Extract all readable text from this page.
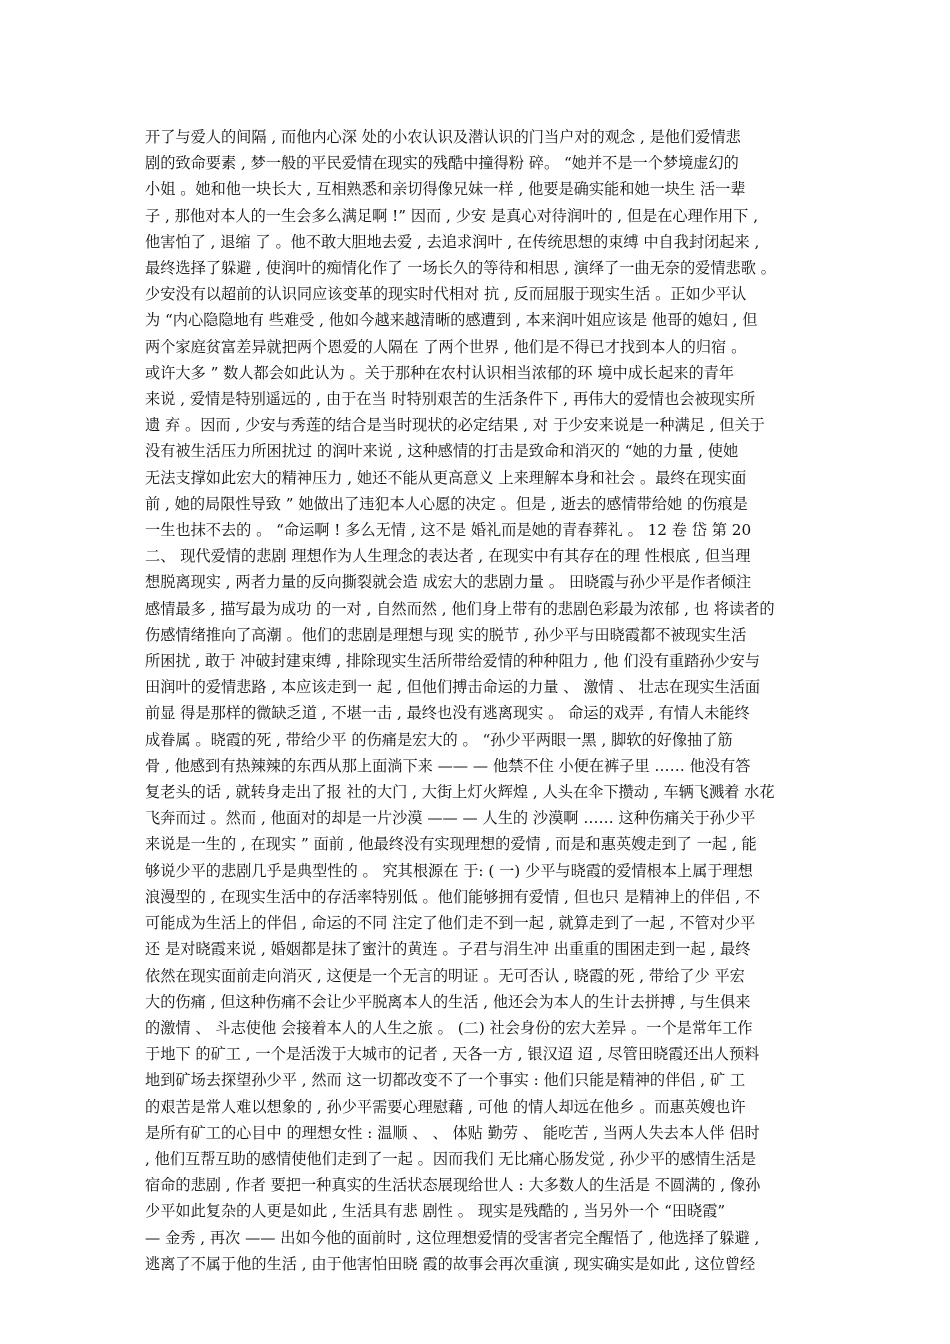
开了与爱人的间隔 , 而他内心深 处的小农认识及潜认识的门当户对的观念 , 是他们爱情悲
剧的致命要素 , 梦一般的平民爱情在现实的残酷中撞得粉 碎。 “她并不是一个梦境虚幻的
小姐 。她和他一块长大 , 互相熟悉和亲切得像兄妹一样 , 他要是确实能和她一块生 活一辈
子 , 那他对本人的一生会多么满足啊 !” 因而 , 少安 是真心对待润叶的 , 但是在心理作用下 ,
他害怕了 , 退缩 了 。他不敢大胆地去爱 , 去追求润叶 , 在传统思想的束缚 中自我封闭起来 ,
最终选择了躲避 , 使润叶的痴情化作了 一场长久的等待和相思 , 演绎了一曲无奈的爱情悲歌 。
少安没有以超前的认识同应该变革的现实时代相对 抗 , 反而屈服于现实生活 。正如少平认
为 “内心隐隐地有 些难受 , 他如今越来越清晰的感遭到 , 本来润叶姐应该是 他哥的媳妇 , 但
两个家庭贫富差异就把两个恩爱的人隔在 了两个世界 , 他们是不得已才找到本人的归宿 。
或许大多 ” 数人都会如此认为 。关于那种在农村认识相当浓郁的环 境中成长起来的青年
来说 , 爱情是特别遥远的 , 由于在当 时特别艰苦的生活条件下 , 再伟大的爱情也会被现实所
遗 弃 。因而 , 少安与秀莲的结合是当时现状的必定结果 , 对 于少安来说是一种满足 , 但关于
没有被生活压力所困扰过 的润叶来说 , 这种感情的打击是致命和消灭的 “她的力量 , 使她
无法支撑如此宏大的精神压力 , 她还不能从更高意义 上来理解本身和社会 。最终在现实面
前 , 她的局限性导致 ” 她做出了违犯本人心愿的决定 。但是 , 逝去的感情带给她 的伤痕是
一生也抹不去的 。 “命运啊 ! 多么无情 , 这不是 婚礼而是她的青春葬礼 。 12 卷 岱 第 20
二、 现代爱情的悲剧 理想作为人生理念的表达者 , 在现实中有其存在的理 性根底 , 但当理
想脱离现实 , 两者力量的反向撕裂就会造 成宏大的悲剧力量 。 田晓霞与孙少平是作者倾注
感情最多 , 描写最为成功 的一对 , 自然而然 , 他们身上带有的悲剧色彩最为浓郁 , 也 将读者的
伤感情绪推向了高潮 。他们的悲剧是理想与现 实的脱节 , 孙少平与田晓霞都不被现实生活
所困扰 , 敢于 冲破封建束缚 , 排除现实生活所带给爱情的种种阻力 , 他 们没有重踏孙少安与
田润叶的爱情悲路 , 本应该走到一 起 , 但他们搏击命运的力量 、 激情 、 壮志在现实生活面
前显 得是那样的微缺乏道 , 不堪一击 , 最终也没有逃离现实 。 命运的戏弄 , 有情人未能终
成眷属 。晓霞的死 , 带给少平 的伤痛是宏大的 。 “孙少平两眼一黑 , 脚软的好像抽了筋
骨 , 他感到有热辣辣的东西从那上面淌下来 —— — 他禁不住 小便在裤子里 …… 他没有答
复老头的话 , 就转身走出了报 社的大门 , 大街上灯火辉煌 , 人头在伞下攒动 , 车辆飞溅着 水花
飞奔而过 。然而 , 他面对的却是一片沙漠 —— — 人生的 沙漠啊 …… 这种伤痛关于孙少平
来说是一生的 , 在现实 ” 面前 , 他最终没有实现理想的爱情 , 而是和惠英嫂走到了 一起 , 能
够说少平的悲剧几乎是典型性的 。 究其根源在 于: ( 一) 少平与晓霞的爱情根本上属于理想
浪漫型的 , 在现实生活中的存活率特别低 。他们能够拥有爱情 , 但也只 是精神上的伴侣 , 不
可能成为生活上的伴侣 , 命运的不同 注定了他们走不到一起 , 就算走到了一起 , 不管对少平
还 是对晓霞来说 , 婚姻都是抹了蜜汁的黄连 。子君与涓生冲 出重重的围困走到一起 , 最终
依然在现实面前走向消灭 , 这便是一个无言的明证 。无可否认 , 晓霞的死 , 带给了少 平宏
大的伤痛 , 但这种伤痛不会让少平脱离本人的生活 , 他还会为本人的生计去拼搏 , 与生俱来
的激情 、 斗志使他 会接着本人的人生之旅 。 (二) 社会身份的宏大差异 。一个是常年工作
于地下 的矿工 , 一个是活泼于大城市的记者 , 天各一方 , 银汉迢 迢 , 尽管田晓霞还出人预料
地到矿场去探望孙少平 , 然而 这一切都改变不了一个事实 : 他们只能是精神的伴侣 , 矿 工
的艰苦是常人难以想象的 , 孙少平需要心理慰藉 , 可他 的情人却远在他乡 。而惠英嫂也许
是所有矿工的心目中 的理想女性 : 温顺 、 、 体贴 勤劳 、 能吃苦 , 当两人失去本人伴 侣时
, 他们互帮互助的感情使他们走到了一起 。因而我们 无比痛心肠发觉 , 孙少平的感情生活是
宿命的悲剧 , 作者 要把一种真实的生活状态展现给世人 : 大多数人的生活是 不圆满的 , 像孙
少平如此复杂的人更是如此 , 生活具有悲 剧性 。 现实是残酷的 , 当另外一个 “田晓霞”
— 金秀 , 再次 —— 出如今他的面前时 , 这位理想爱情的受害者完全醒悟了 , 他选择了躲避 ,
逃离了不属于他的生活 , 由于他害怕田晓 霞的故事会再次重演 , 现实确实是如此 , 这位曾经
